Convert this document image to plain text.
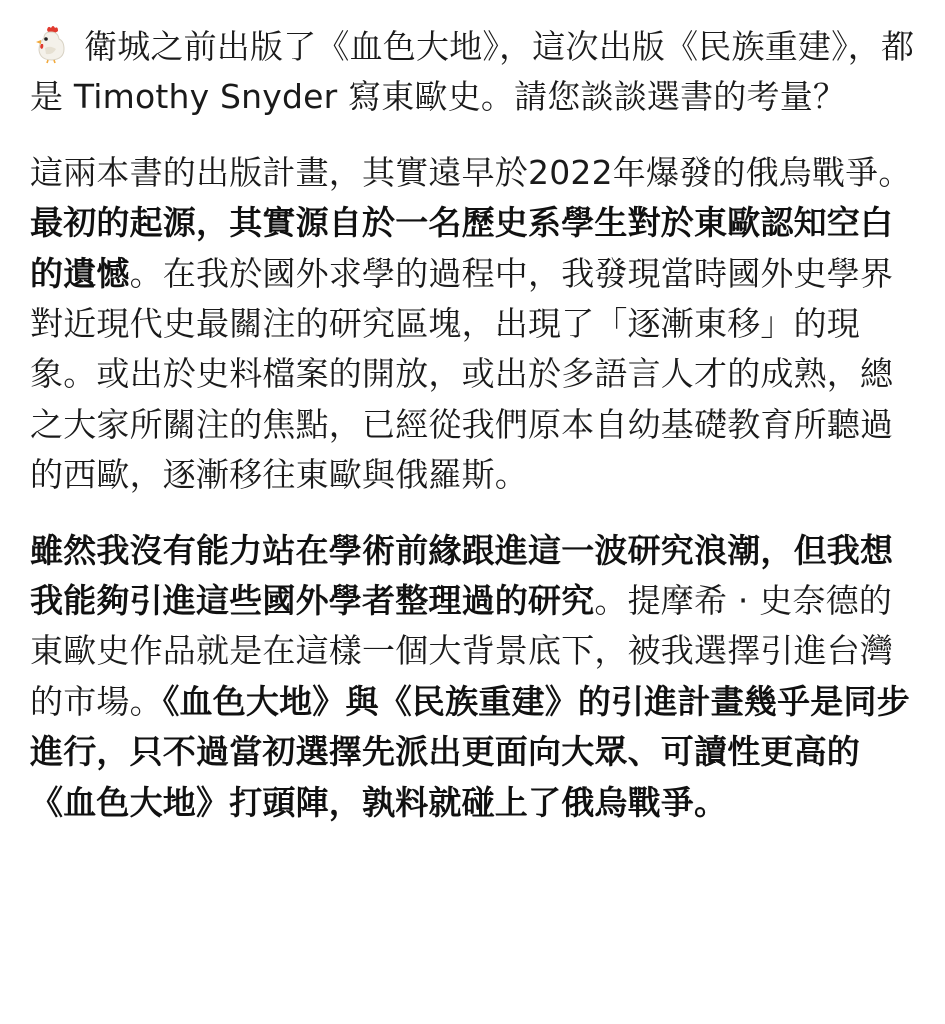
衛城之前出版了《血色大地》，這次出版《民族重建》，都是 Timothy Snyder 寫東歐史。請您談談選書的考量？

這兩本書的出版計畫，其實遠早於2022年爆發的俄烏戰爭。最初的起源，其實源自於一名歷史系學生對於東歐認知空白的遺憾。在我於國外求學的過程中，我發現當時國外史學界對近現代史最關注的研究區塊，出現了「逐漸東移」的現象。或出於史料檔案的開放，或出於多語言人才的成熟，總之大家所關注的焦點，已經從我們原本自幼基礎教育所聽過的西歐，逐漸移往東歐與俄羅斯。

雖然我沒有能力站在學術前緣跟進這一波研究浪潮，但我想我能夠引進這些國外學者整理過的研究。提摩希 · 史奈德的東歐史作品就是在這樣一個大背景底下，被我選擇引進台灣的市場。《血色大地》與《民族重建》的引進計畫幾乎是同步進行，只不過當初選擇先派出更面向大眾、可讀性更高的《血色大地》打頭陣，孰料就碰上了俄烏戰爭。
